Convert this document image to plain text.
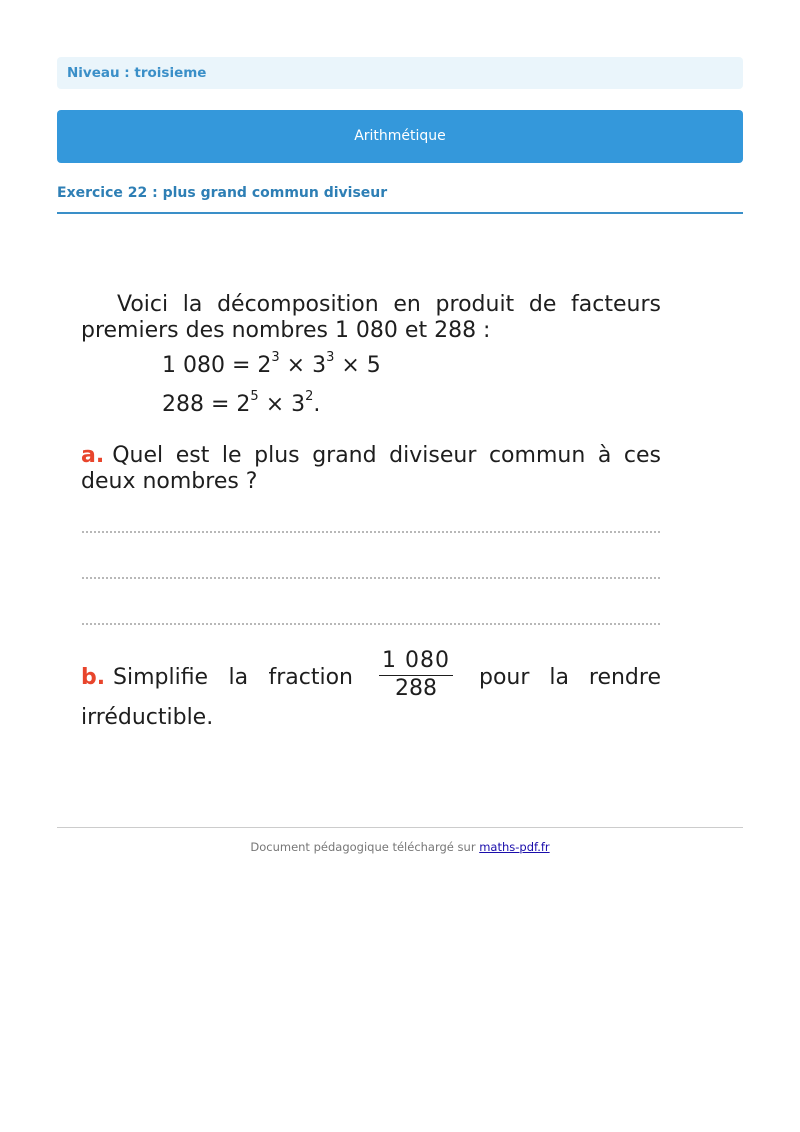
Niveau : troisieme
Arithmétique
Exercice 22 : plus grand commun diviseur
Voici la décomposition en produit de facteurs
premiers des nombres 1 080 et 288 :
1 $080 = 2^3 \times 3^3 \times 5$
$288 = 2^5 \times 3^2$.
a. Quel est le plus grand diviseur commun à ces
deux nombres ?
b. Simplifie la fraction $\frac{1 080}{288}$ pour la rendre
irréductible.
Document pédagogique téléchargé sur maths-pdf.fr
